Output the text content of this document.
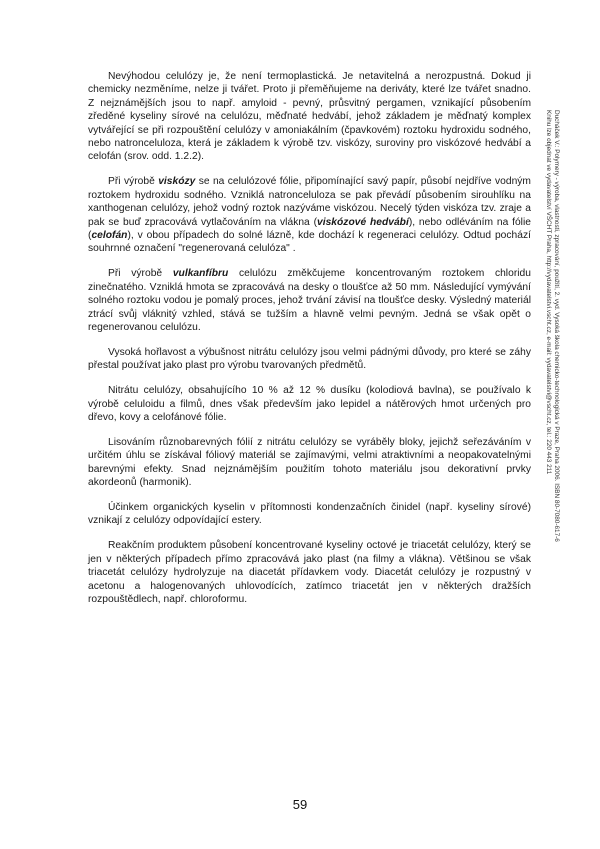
Nevýhodou celulózy je, že není termoplastická. Je netavitelná a nerozpustná. Dokud ji chemicky nezměníme, nelze ji tvářet. Proto ji přeměňujeme na deriváty, které lze tvářet snadno. Z nejznámějších jsou to např. amyloid - pevný, průsvitný pergamen, vznikající působením zředěné kyseliny sírové na celulózu, měďnaté hedvábí, jehož základem je měďnatý komplex vytvářející se při rozpouštění celulózy v amoniakálním (čpavkovém) roztoku hydroxidu sodného, nebo natronceluloza, která je základem k výrobě tzv. viskózy, suroviny pro viskózové hedvábí a celofán (srov. odd. 1.2.2).

Při výrobě viskózy se na celulózové fólie, připomínající savý papír, působí nejdříve vodným roztokem hydroxidu sodného. Vzniklá natronceluloza se pak převádí působením sirouhlíku na xanthogenan celulózy, jehož vodný roztok nazýváme viskózou. Necelý týden viskóza tzv. zraje a pak se buď zpracovává vytlačováním na vlákna (viskózové hedvábí), nebo odléváním na fólie (celofán), v obou případech do solné lázně, kde dochází k regeneraci celulózy. Odtud pochází souhrnné označení "regenerovaná celulóza" .

Při výrobě vulkanfíbru celulózu změkčujeme koncentrovaným roztokem chloridu zinečnatého. Vzniklá hmota se zpracovává na desky o tloušťce až 50 mm. Následující vymývání solného roztoku vodou je pomalý proces, jehož trvání závisí na tloušťce desky. Výsledný materiál ztrácí svůj vláknitý vzhled, stává se tužším a hlavně velmi pevným. Jedná se však opět o regenerovanou celulózu.

Vysoká hořlavost a výbušnost nitrátu celulózy jsou velmi pádnými důvody, pro které se záhy přestal používat jako plast pro výrobu tvarovaných předmětů.

Nitrátu celulózy, obsahujícího 10 % až 12 % dusíku (kolodiová bavlna), se používalo k výrobě celuloidu a filmů, dnes však především jako lepidel a nátěrových hmot určených pro dřevo, kovy a celofánové fólie.

Lisováním různobarevných fólií z nitrátu celulózy se vyráběly bloky, jejichž seřezáváním v určitém úhlu se získával fóliový materiál se zajímavými, velmi atraktivními a neopakovatelnými barevnými efekty. Snad nejznámějším použitím tohoto materiálu jsou dekorativní prvky akordeonů (harmonik).

Účinkem organických kyselin v přítomnosti kondenzačních činidel (např. kyseliny sírové) vznikají z celulózy odpovídající estery.

Reakčním produktem působení koncentrované kyseliny octové je triacetát celulózy, který se jen v některých případech přímo zpracovává jako plast (na filmy a vlákna). Většinou se však triacetát celulózy hydrolyzuje na diacetát přídavkem vody. Diacetát celulózy je rozpustný v acetonu a halogenovaných uhlovodících, zatímco triacetát jen v některých dražších rozpouštědlech, např. chloroformu.

Ducháček V.: Polymery - výroba, vlastnosti, zpracování, použití, 2. vyd. Vysoká škola chemicko-technologická v Praze, Praha 2006. ISBN 80-7080-617-6
Knihu lze objednat ve vydavatelství VŠCHT Praha, http://vydavatelstvi.vscht.cz, e-mail: vydavatelstvi@vscht.cz, tel.: 220 443 211
59
